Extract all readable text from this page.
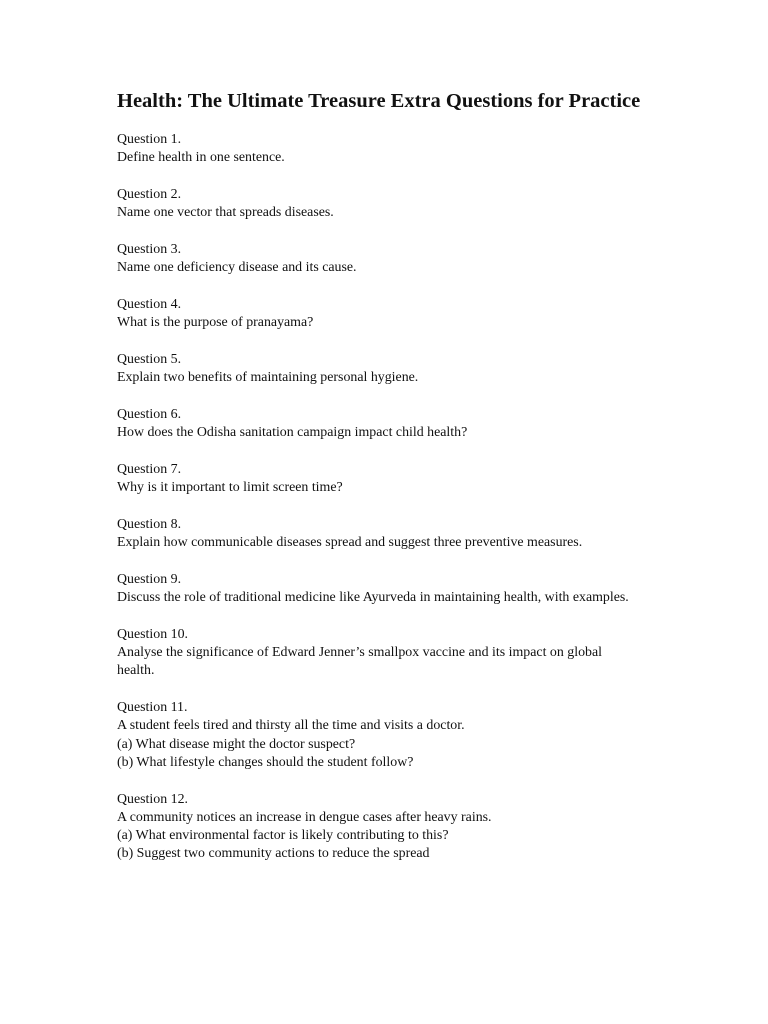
Health: The Ultimate Treasure Extra Questions for Practice
Question 1.
Define health in one sentence.
Question 2.
Name one vector that spreads diseases.
Question 3.
Name one deficiency disease and its cause.
Question 4.
What is the purpose of pranayama?
Question 5.
Explain two benefits of maintaining personal hygiene.
Question 6.
How does the Odisha sanitation campaign impact child health?
Question 7.
Why is it important to limit screen time?
Question 8.
Explain how communicable diseases spread and suggest three preventive measures.
Question 9.
Discuss the role of traditional medicine like Ayurveda in maintaining health, with examples.
Question 10.
Analyse the significance of Edward Jenner’s smallpox vaccine and its impact on global health.
Question 11.
A student feels tired and thirsty all the time and visits a doctor.
(a) What disease might the doctor suspect?
(b) What lifestyle changes should the student follow?
Question 12.
A community notices an increase in dengue cases after heavy rains.
(a) What environmental factor is likely contributing to this?
(b) Suggest two community actions to reduce the spread
